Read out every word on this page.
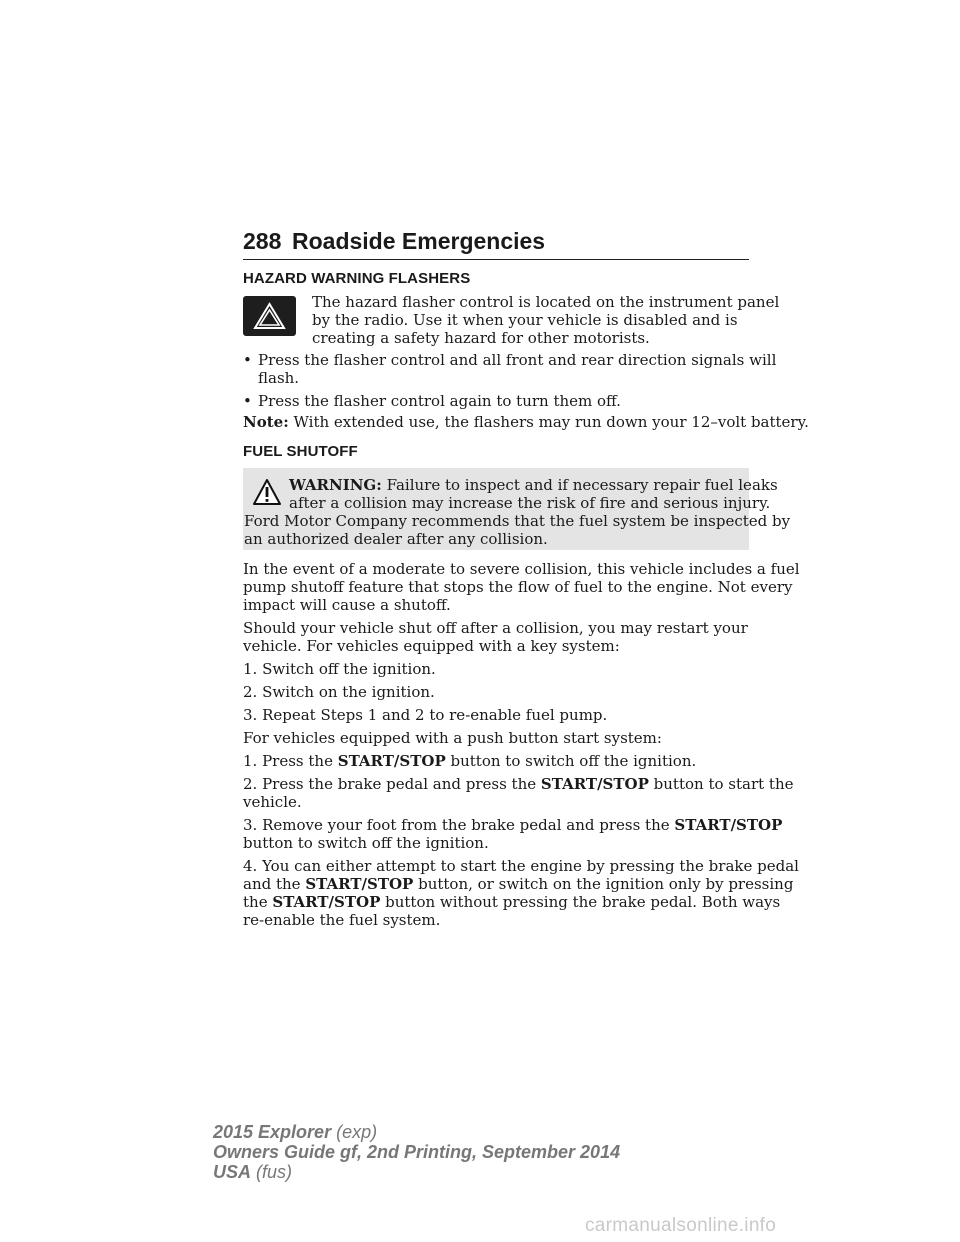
288 Roadside Emergencies
HAZARD WARNING FLASHERS
The hazard flasher control is located on the instrument panel
by the radio. Use it when your vehicle is disabled and is
creating a safety hazard for other motorists.
• Press the flasher control and all front and rear direction signals will
flash.
• Press the flasher control again to turn them off.
Note: With extended use, the flashers may run down your 12–volt battery.
FUEL SHUTOFF
WARNING: Failure to inspect and if necessary repair fuel leaks
after a collision may increase the risk of fire and serious injury.
Ford Motor Company recommends that the fuel system be inspected by
an authorized dealer after any collision.
In the event of a moderate to severe collision, this vehicle includes a fuel
pump shutoff feature that stops the flow of fuel to the engine. Not every
impact will cause a shutoff.
Should your vehicle shut off after a collision, you may restart your
vehicle. For vehicles equipped with a key system:
1. Switch off the ignition.
2. Switch on the ignition.
3. Repeat Steps 1 and 2 to re-enable fuel pump.
For vehicles equipped with a push button start system:
1. Press the START/STOP button to switch off the ignition.
2. Press the brake pedal and press the START/STOP button to start the
vehicle.
3. Remove your foot from the brake pedal and press the START/STOP
button to switch off the ignition.
4. You can either attempt to start the engine by pressing the brake pedal
and the START/STOP button, or switch on the ignition only by pressing
the START/STOP button without pressing the brake pedal. Both ways
re-enable the fuel system.
2015 Explorer (exp)
Owners Guide gf, 2nd Printing, September 2014
USA (fus)
carmanualsonline.info
